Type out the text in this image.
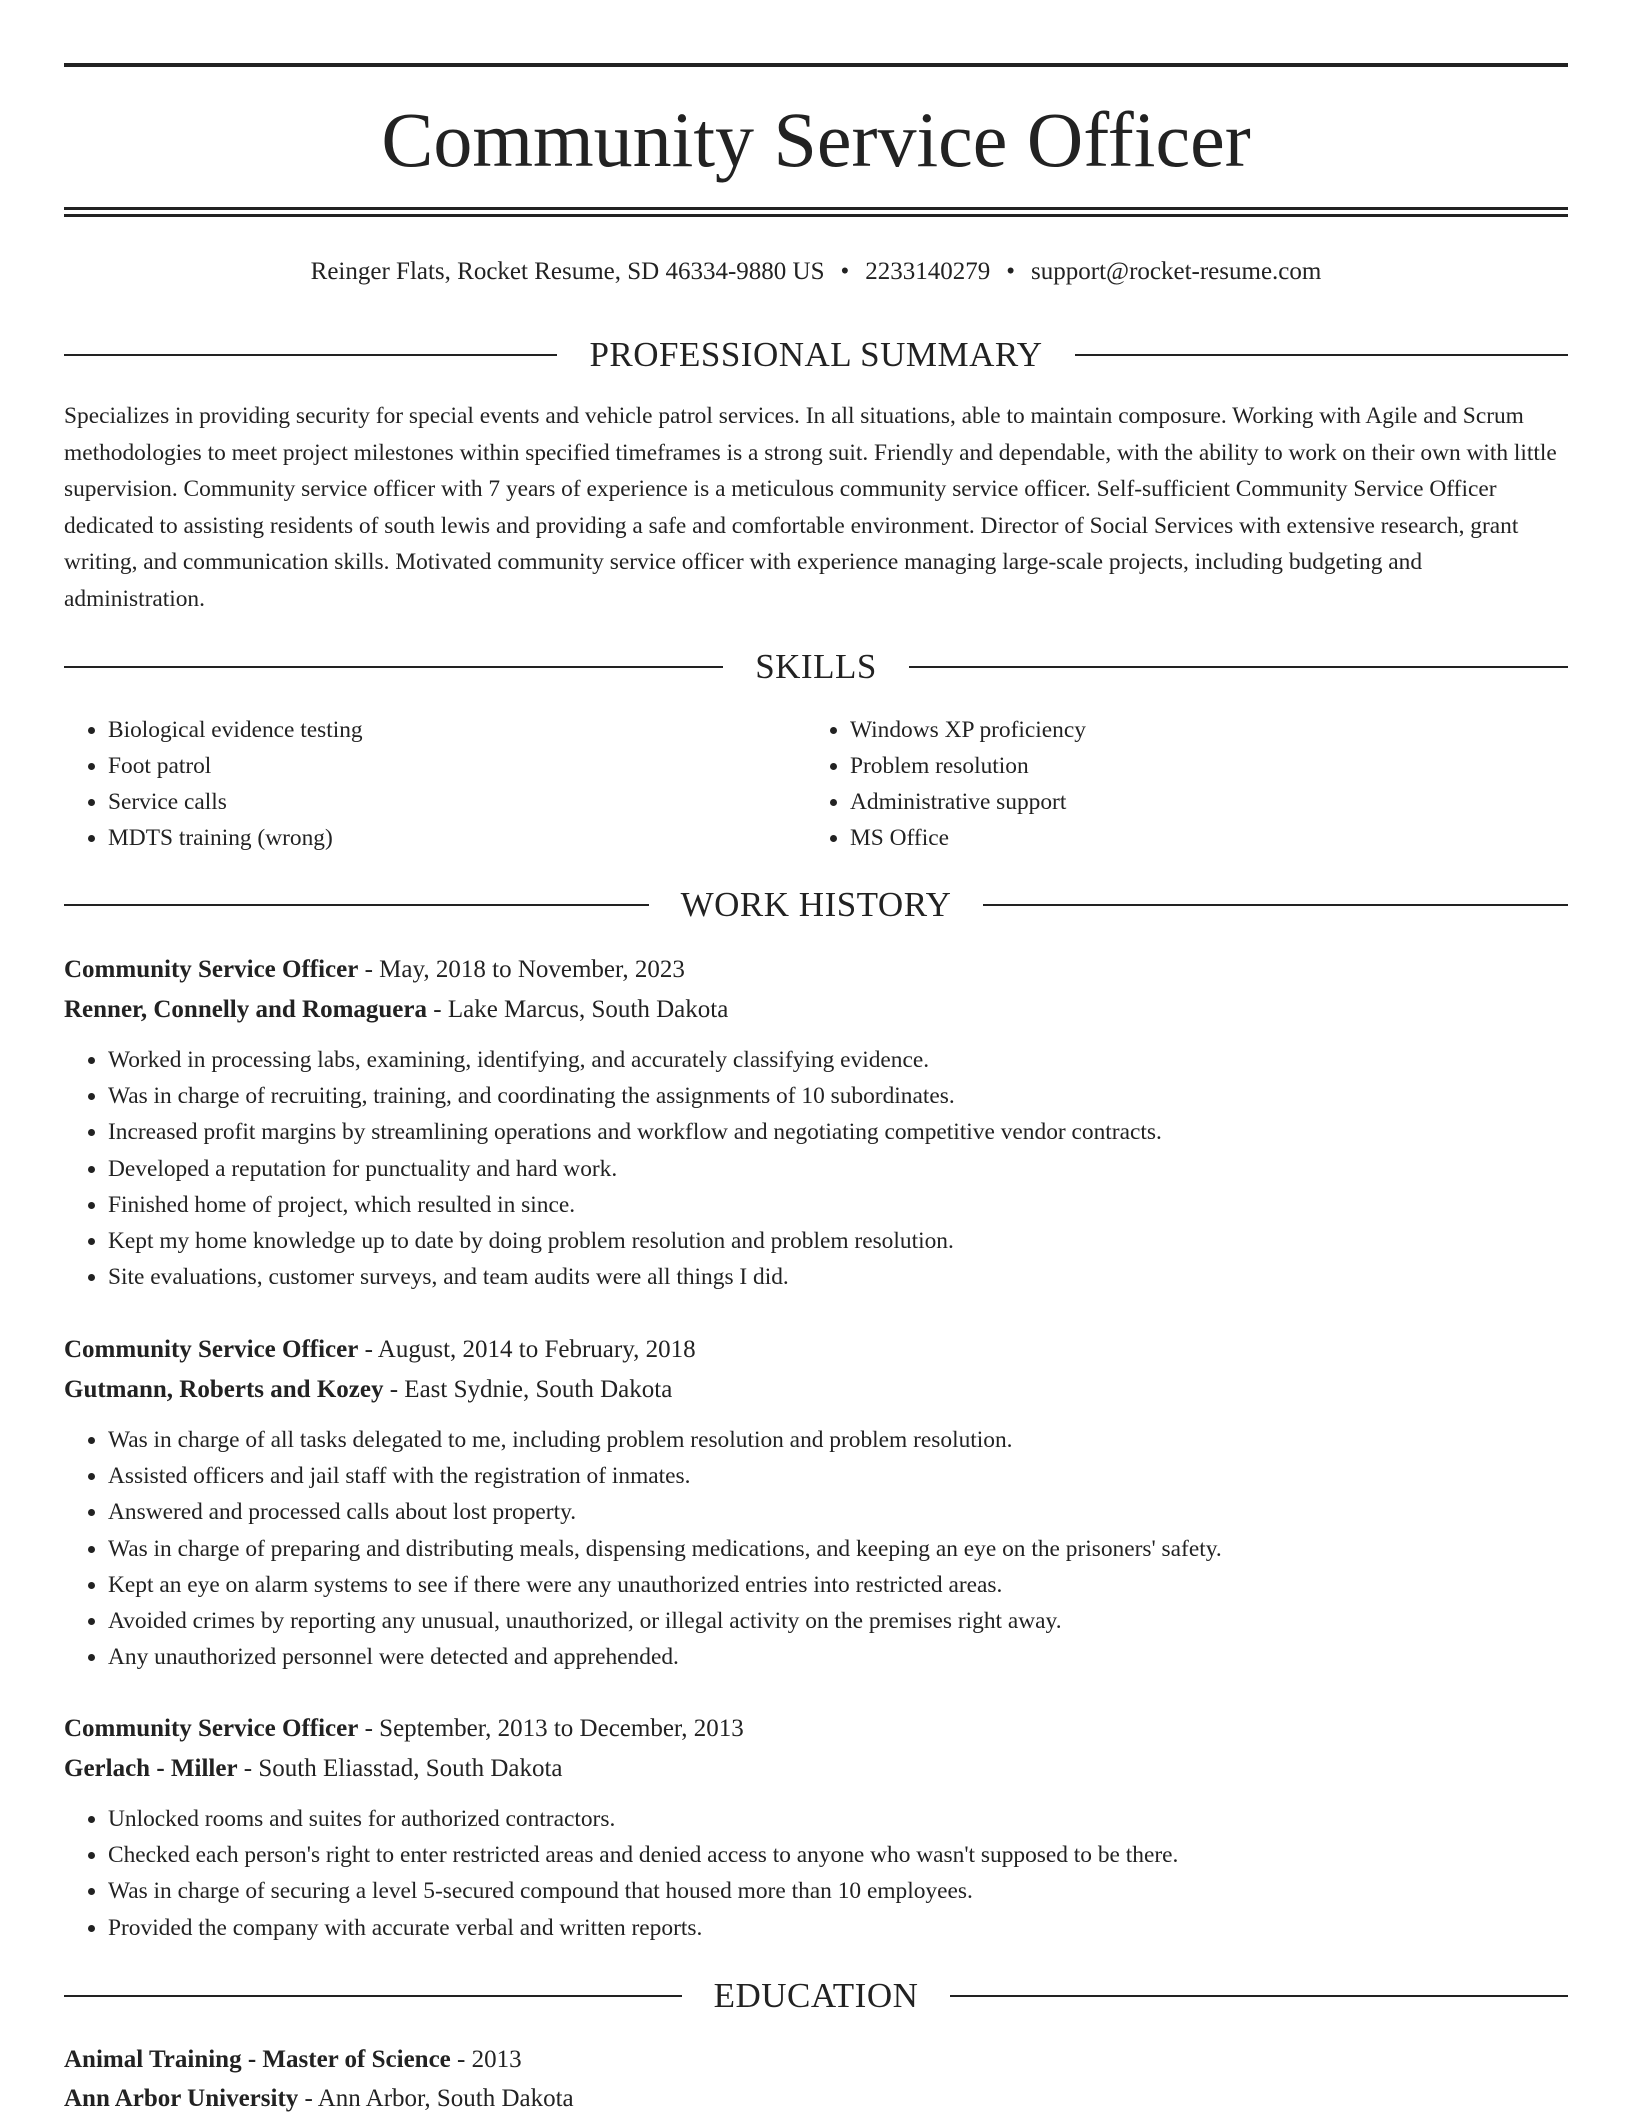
Community Service Officer
Reinger Flats, Rocket Resume, SD 46334-9880 US • 2233140279 • support@rocket-resume.com
PROFESSIONAL SUMMARY

Specializes in providing security for special events and vehicle patrol services. In all situations, able to maintain composure. Working with Agile and Scrum methodologies to meet project milestones within specified timeframes is a strong suit. Friendly and dependable, with the ability to work on their own with little supervision. Community service officer with 7 years of experience is a meticulous community service officer. Self-sufficient Community Service Officer dedicated to assisting residents of south lewis and providing a safe and comfortable environment. Director of Social Services with extensive research, grant writing, and communication skills. Motivated community service officer with experience managing large-scale projects, including budgeting and administration.

SKILLS
• Biological evidence testing
• Foot patrol
• Service calls
• MDTS training (wrong)
• Windows XP proficiency
• Problem resolution
• Administrative support
• MS Office
WORK HISTORY

Community Service Officer - May, 2018 to November, 2023

Renner, Connelly and Romaguera - Lake Marcus, South Dakota

• Worked in processing labs, examining, identifying, and accurately classifying evidence.
• Was in charge of recruiting, training, and coordinating the assignments of 10 subordinates.
• Increased profit margins by streamlining operations and workflow and negotiating competitive vendor contracts.
• Developed a reputation for punctuality and hard work.
• Finished home of project, which resulted in since.
• Kept my home knowledge up to date by doing problem resolution and problem resolution.
• Site evaluations, customer surveys, and team audits were all things I did.

Community Service Officer - August, 2014 to February, 2018

Gutmann, Roberts and Kozey - East Sydnie, South Dakota

• Was in charge of all tasks delegated to me, including problem resolution and problem resolution.
• Assisted officers and jail staff with the registration of inmates.
• Answered and processed calls about lost property.
• Was in charge of preparing and distributing meals, dispensing medications, and keeping an eye on the prisoners' safety.
• Kept an eye on alarm systems to see if there were any unauthorized entries into restricted areas.
• Avoided crimes by reporting any unusual, unauthorized, or illegal activity on the premises right away.
• Any unauthorized personnel were detected and apprehended.

Community Service Officer - September, 2013 to December, 2013

Gerlach - Miller - South Eliasstad, South Dakota

• Unlocked rooms and suites for authorized contractors.
• Checked each person's right to enter restricted areas and denied access to anyone who wasn't supposed to be there.
• Was in charge of securing a level 5-secured compound that housed more than 10 employees.
• Provided the company with accurate verbal and written reports.
EDUCATION

Animal Training - Master of Science - 2013

Ann Arbor University - Ann Arbor, South Dakota
